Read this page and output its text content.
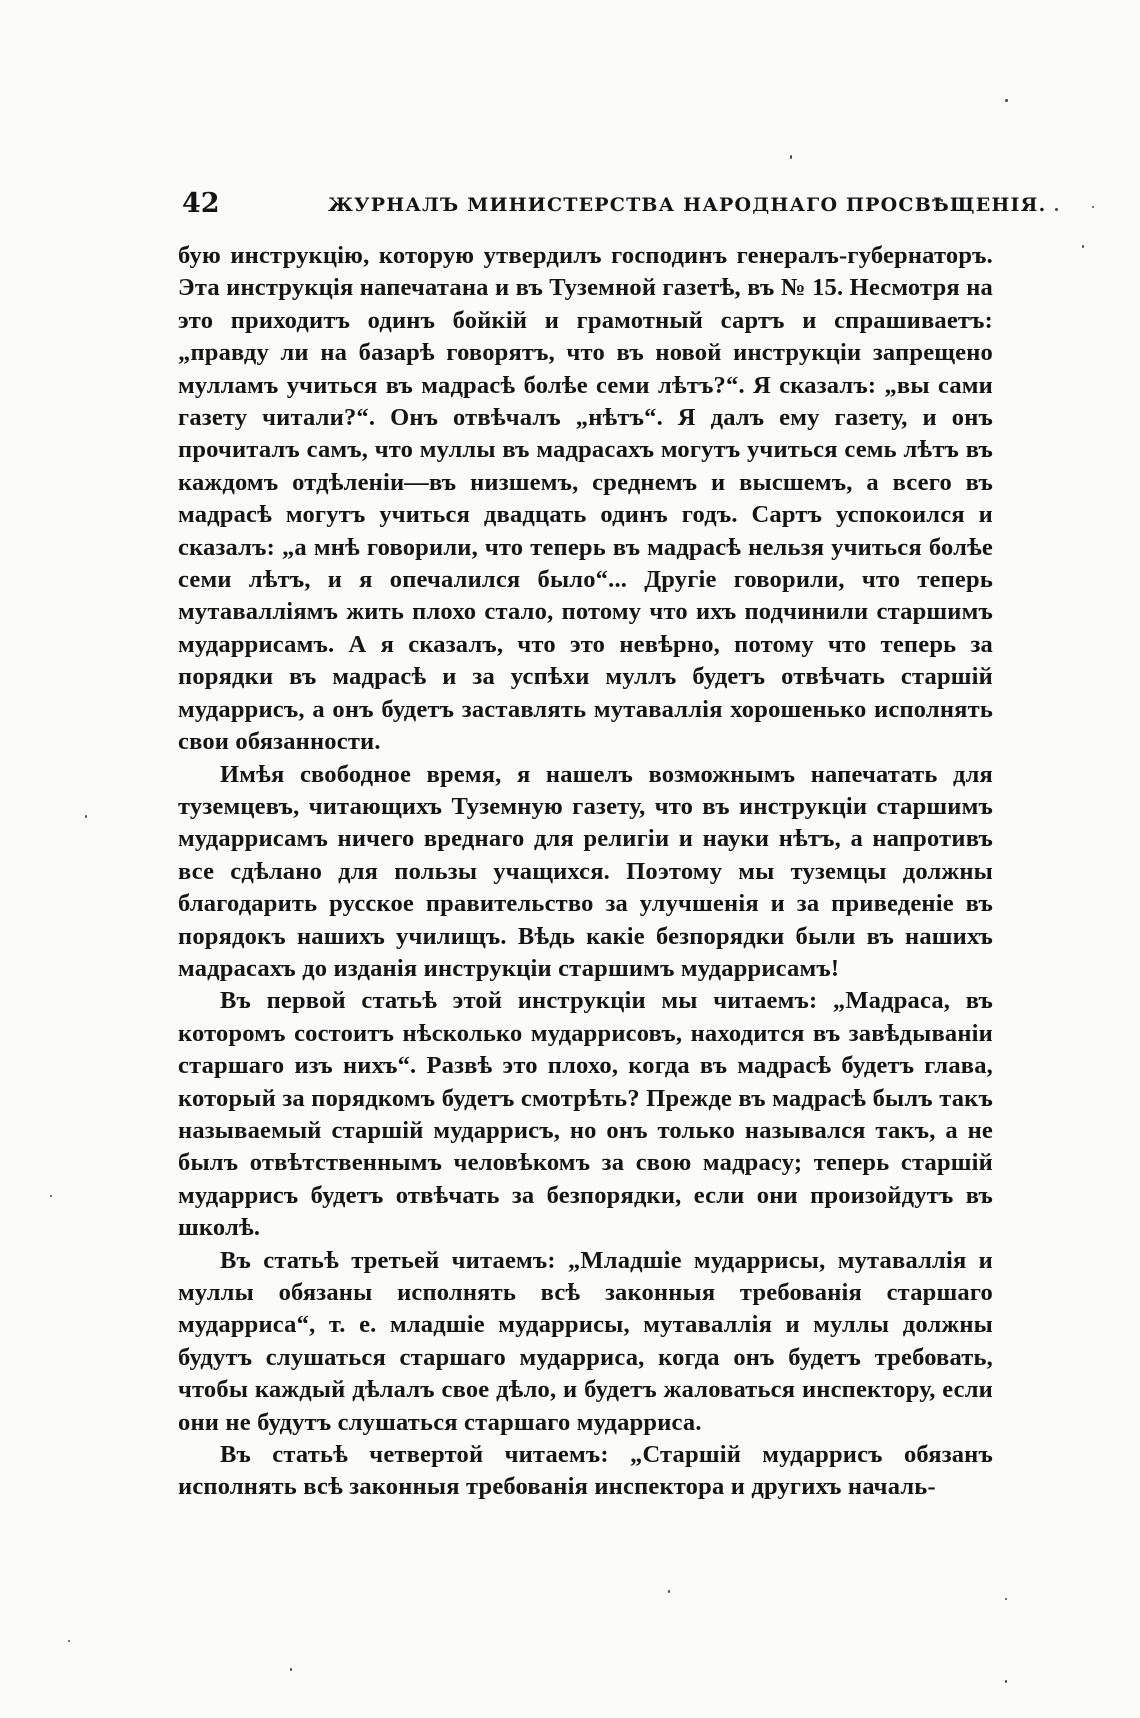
42	ЖУРНАЛЪ МИНИСТЕРСТВА НАРОДНАГО ПРОСВѢЩЕНІЯ.

бую инструкцію, которую утвердилъ господинъ генералъ-губернаторъ. Эта инструкція напечатана и въ Туземной газетѣ, въ № 15. Несмотря на это приходитъ одинъ бойкій и грамотный сартъ и спрашиваетъ: „правду ли на базарѣ говорятъ, что въ новой инструкціи запрещено мулламъ учиться въ мадрасѣ болѣе семи лѣтъ?“. Я сказалъ: „вы сами газету читали?“. Онъ отвѣчалъ „нѣтъ“. Я далъ ему газету, и онъ прочиталъ самъ, что муллы въ мадрасахъ могутъ учиться семь лѣтъ въ каждомъ отдѣленіи—въ низшемъ, среднемъ и высшемъ, а всего въ мадрасѣ могутъ учиться двадцать одинъ годъ. Сартъ успокоился и сказалъ: „а мнѣ говорили, что теперь въ мадрасѣ нельзя учиться болѣе семи лѣтъ, и я опечалился было“... Другіе говорили, что теперь мутаваллiямъ жить плохо стало, потому что ихъ подчинили старшимъ мударрисамъ. А я сказалъ, что это невѣрно, потому что теперь за порядки въ мадрасѣ и за успѣхи муллъ будетъ отвѣчать старшій мударрисъ, а онъ будетъ заставлять мутаваллія хорошенько исполнять свои обязанности.

Имѣя свободное время, я нашелъ возможнымъ напечатать для туземцевъ, читающихъ Туземную газету, что въ инструкціи старшимъ мударрисамъ ничего вреднаго для религіи и науки нѣтъ, а напротивъ все сдѣлано для пользы учащихся. Поэтому мы туземцы должны благодарить русское правительство за улучшенія и за приведеніе въ порядокъ нашихъ училищъ. Вѣдь какіе безпорядки были въ нашихъ мадрасахъ до изданія инструкціи старшимъ мударрисамъ!

Въ первой статьѣ этой инструкціи мы читаемъ: „Мадраса, въ которомъ состоитъ нѣсколько мударрисовъ, находится въ завѣдываніи старшаго изъ нихъ“. Развѣ это плохо, когда въ мадрасѣ будетъ глава, который за порядкомъ будетъ смотрѣть? Прежде въ мадрасѣ былъ такъ называемый старшій мударрисъ, но онъ только назывался такъ, а не былъ отвѣтственнымъ человѣкомъ за свою мадрасу; теперь старшій мударрисъ будетъ отвѣчать за безпорядки, если они произойдутъ въ школѣ.

Въ статьѣ третьей читаемъ: „Младшіе мударрисы, мутаваллія и муллы обязаны исполнять всѣ законныя требованія старшаго мударриса“, т. е. младшіе мударрисы, мутаваллія и муллы должны будутъ слушаться старшаго мударриса, когда онъ будетъ требовать, чтобы каждый дѣлалъ свое дѣло, и будетъ жаловаться инспектору, если они не будутъ слушаться старшаго мударриса.

Въ статьѣ четвертой читаемъ: „Старшій мударрисъ обязанъ исполнять всѣ законныя требованія инспектора и другихъ началь-
